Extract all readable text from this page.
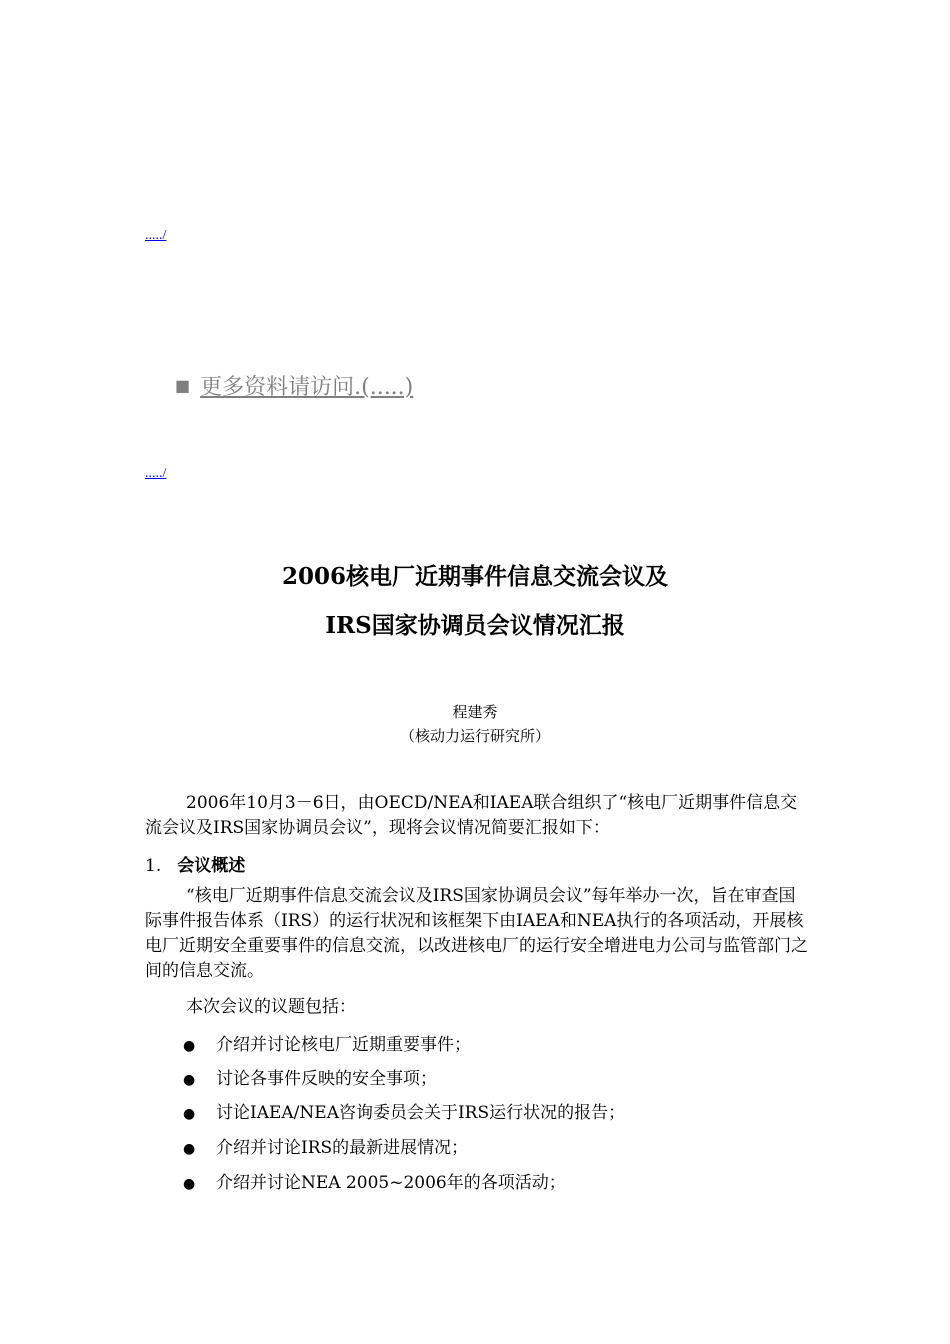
...../
■ 更多资料请访问.(.....)
...../
2006核电厂近期事件信息交流会议及
IRS国家协调员会议情况汇报
程建秀
（核动力运行研究所）
2006年10月3－6日，由OECD/NEA和IAEA联合组织了“核电厂近期事件信息交流会议及IRS国家协调员会议”，现将会议情况简要汇报如下：
1. 会议概述
“核电厂近期事件信息交流会议及IRS国家协调员会议”每年举办一次，旨在审查国际事件报告体系（IRS）的运行状况和该框架下由IAEA和NEA执行的各项活动，开展核电厂近期安全重要事件的信息交流，以改进核电厂的运行安全增进电力公司与监管部门之间的信息交流。
本次会议的议题包括：
● 介绍并讨论核电厂近期重要事件；
● 讨论各事件反映的安全事项；
● 讨论IAEA/NEA咨询委员会关于IRS运行状况的报告；
● 介绍并讨论IRS的最新进展情况；
● 介绍并讨论NEA 2005~2006年的各项活动；
